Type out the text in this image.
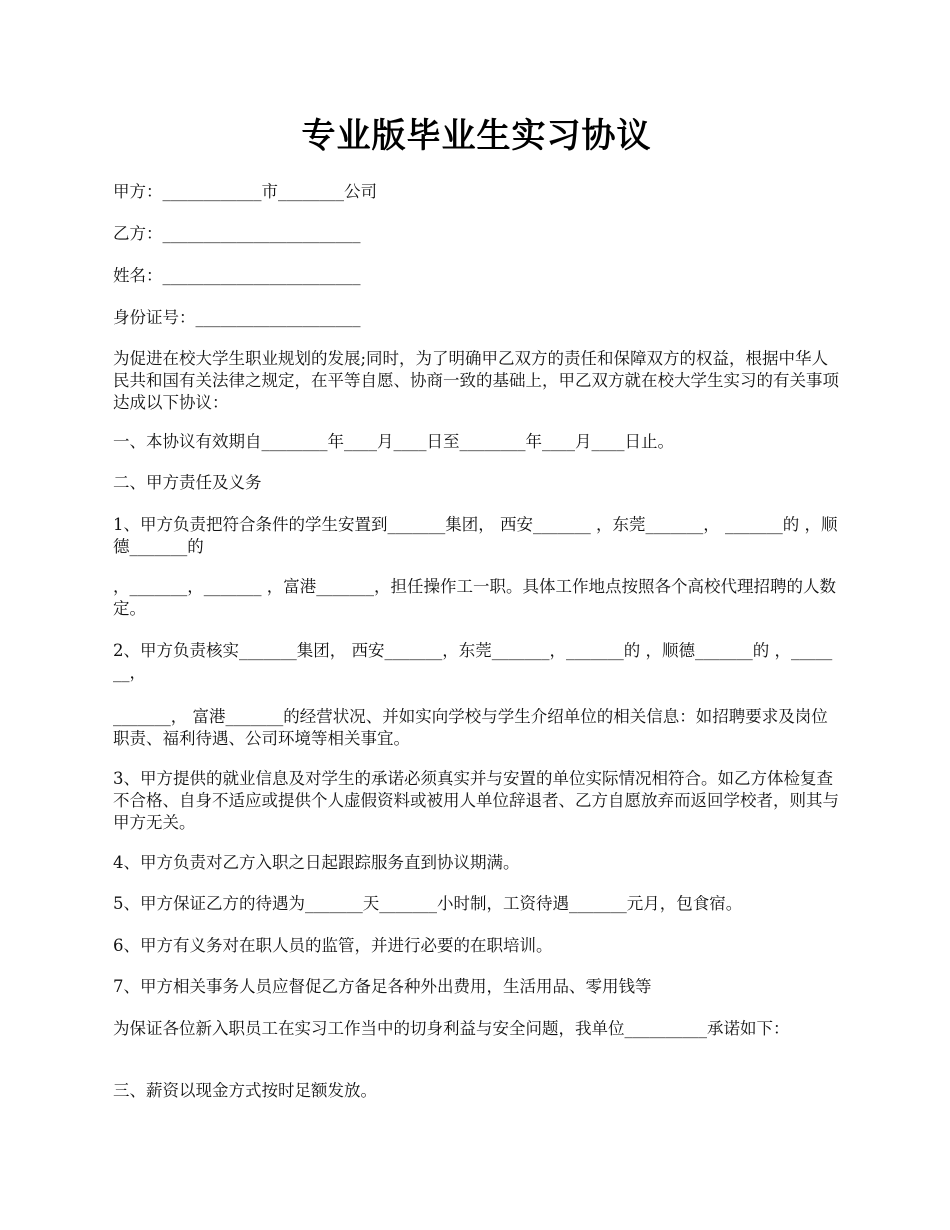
专业版毕业生实习协议

甲方：____________市________公司

乙方：________________________

姓名：________________________

身份证号：____________________

为促进在校大学生职业规划的发展;同时，为了明确甲乙双方的责任和保障双方的权益，根据中华人民共和国有关法律之规定，在平等自愿、协商一致的基础上，甲乙双方就在校大学生实习的有关事项达成以下协议：

一、本协议有效期自________年____月____日至________年____月____日止。

二、甲方责任及义务

1、甲方负责把符合条件的学生安置到_______集团， 西安_______ ，东莞_______， _______的 ，顺德_______的

，_______，_______ ，富港_______，担任操作工一职。具体工作地点按照各个高校代理招聘的人数定。

2、甲方负责核实_______集团， 西安_______，东莞_______，_______的 ，顺德_______的 ，_______，

_______， 富港_______的经营状况、并如实向学校与学生介绍单位的相关信息：如招聘要求及岗位职责、福利待遇、公司环境等相关事宜。

3、甲方提供的就业信息及对学生的承诺必须真实并与安置的单位实际情况相符合。如乙方体检复查不合格、自身不适应或提供个人虚假资料或被用人单位辞退者、乙方自愿放弃而返回学校者，则其与甲方无关。

4、甲方负责对乙方入职之日起跟踪服务直到协议期满。

5、甲方保证乙方的待遇为_______天_______小时制，工资待遇_______元月，包食宿。

6、甲方有义务对在职人员的监管，并进行必要的在职培训。

7、甲方相关事务人员应督促乙方备足各种外出费用，生活用品、零用钱等

为保证各位新入职员工在实习工作当中的切身利益与安全问题，我单位__________承诺如下：

三、薪资以现金方式按时足额发放。
